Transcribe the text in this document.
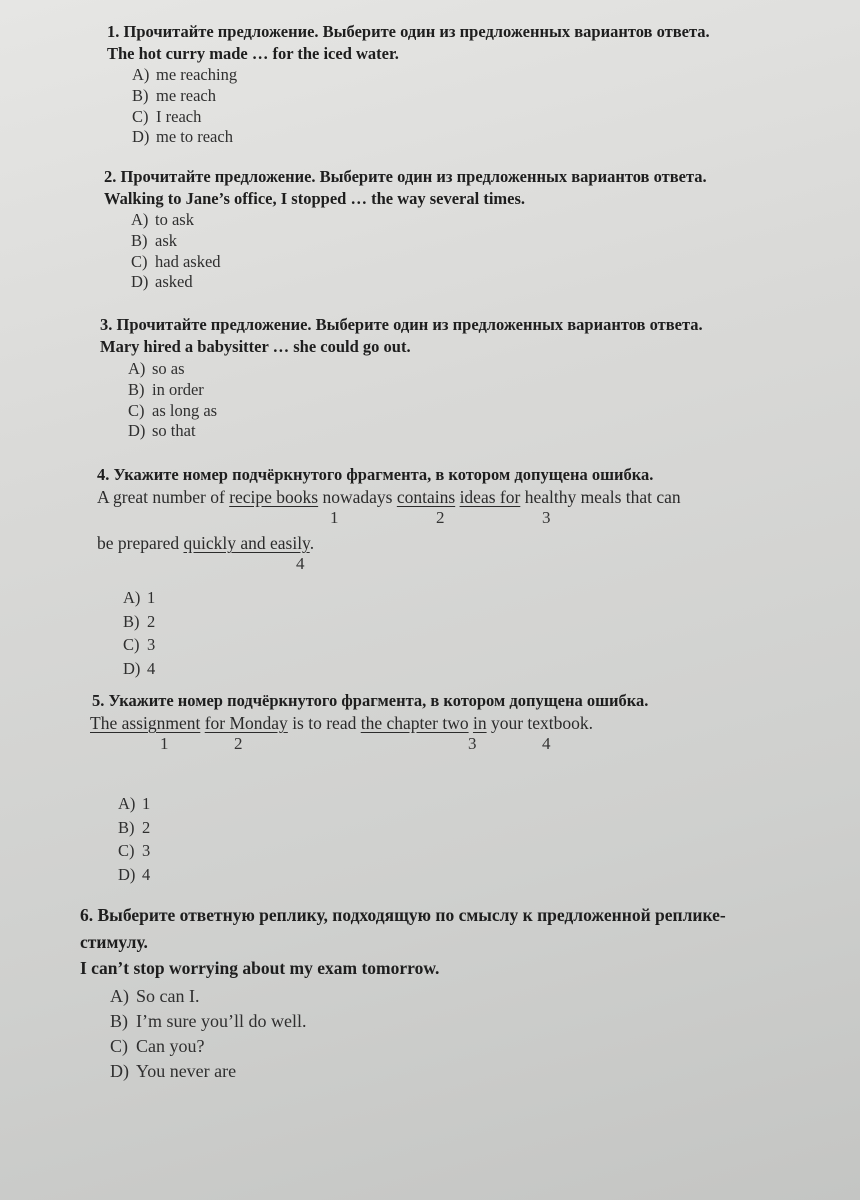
1. Прочитайте предложение. Выберите один из предложенных вариантов ответа.
The hot curry made … for the iced water.
A) me reaching
B) me reach
C) I reach
D) me to reach
2. Прочитайте предложение. Выберите один из предложенных вариантов ответа.
Walking to Jane’s office, I stopped … the way several times.
A) to ask
B) ask
C) had asked
D) asked
3. Прочитайте предложение. Выберите один из предложенных вариантов ответа.
Mary hired a babysitter … she could go out.
A) so as
B) in order
C) as long as
D) so that
4. Укажите номер подчёркнутого фрагмента, в котором допущена ошибка.
A great number of recipe books nowadays contains ideas for healthy meals that can
1	2	3
be prepared quickly and easily.
4
A) 1
B) 2
C) 3
D) 4
5. Укажите номер подчёркнутого фрагмента, в котором допущена ошибка.
The assignment for Monday is to read the chapter two in your textbook.
1	2	3	4
A) 1
B) 2
C) 3
D) 4
6. Выберите ответную реплику, подходящую по смыслу к предложенной реплике-
стимулу.
I can’t stop worrying about my exam tomorrow.
A) So can I.
B) I’m sure you’ll do well.
C) Can you?
D) You never are
